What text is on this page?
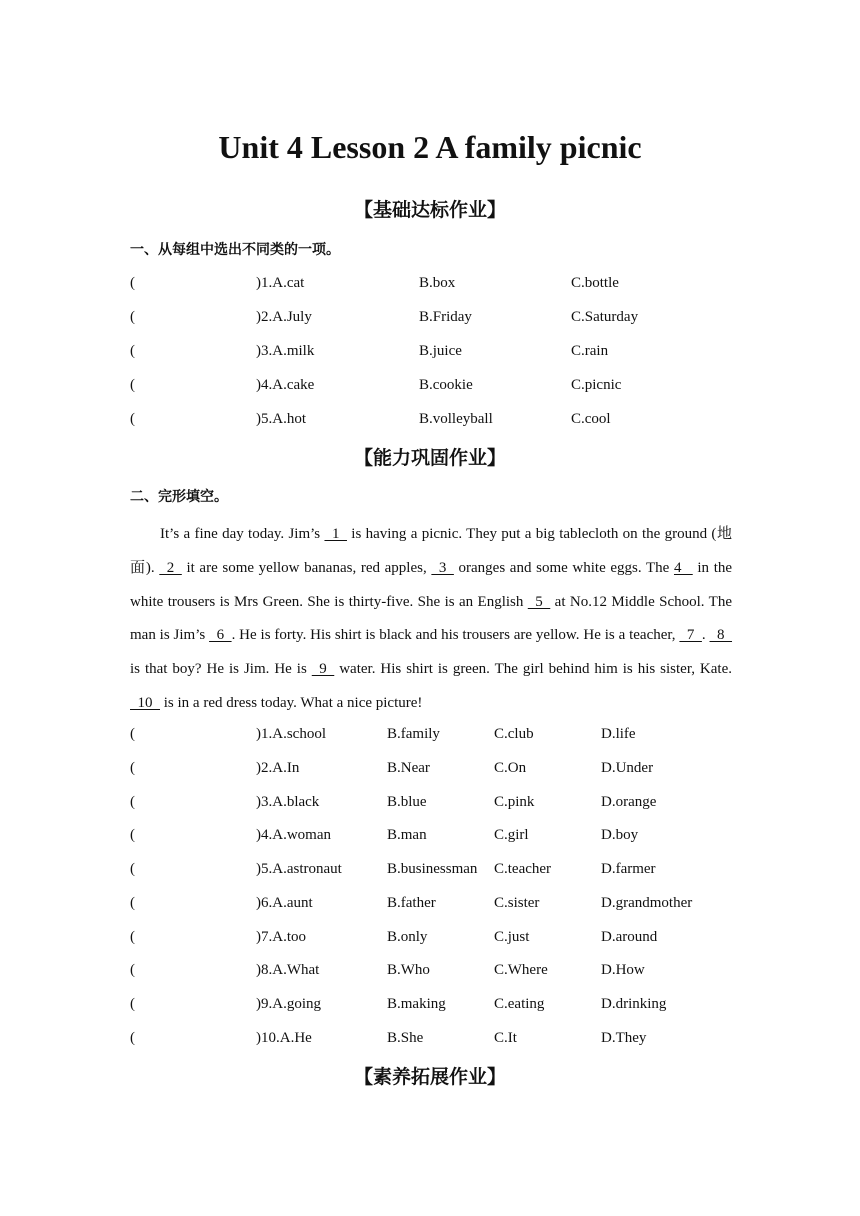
Unit 4 Lesson 2 A family picnic
【基础达标作业】
一、从每组中选出不同类的一项。
(	)1.A.cat	B.box	C.bottle
(	)2.A.July	B.Friday	C.Saturday
(	)3.A.milk	B.juice	C.rain
(	)4.A.cake	B.cookie	C.picnic
(	)5.A.hot	B.volleyball	C.cool
【能力巩固作业】
二、完形填空。
It’s a fine day today. Jim’s   1   is having a picnic. They put a big tablecloth on the ground (地面).   2   it are some yellow bananas, red apples,   3   oranges and some white eggs. The 4    in the white trousers is Mrs Green. She is thirty-five. She is an English   5   at No.12 Middle School. The man is Jim’s   6  . He is forty. His shirt is black and his trousers are yellow. He is a teacher,   7  .   8   is that boy? He is Jim. He is   9   water. His shirt is green. The girl behind him is his sister, Kate.   10   is in a red dress today. What a nice picture!
(	)1.A.school	B.family	C.club	D.life
(	)2.A.In	B.Near	C.On	D.Under
(	)3.A.black	B.blue	C.pink	D.orange
(	)4.A.woman	B.man	C.girl	D.boy
(	)5.A.astronaut	B.businessman C.teacher	D.farmer
(	)6.A.aunt	B.father	C.sister	D.grandmother
(	)7.A.too	B.only	C.just	D.around
(	)8.A.What	B.Who	C.Where	D.How
(	)9.A.going	B.making	C.eating	D.drinking
(	)10.A.He	B.She	C.It	D.They
【素养拓展作业】
